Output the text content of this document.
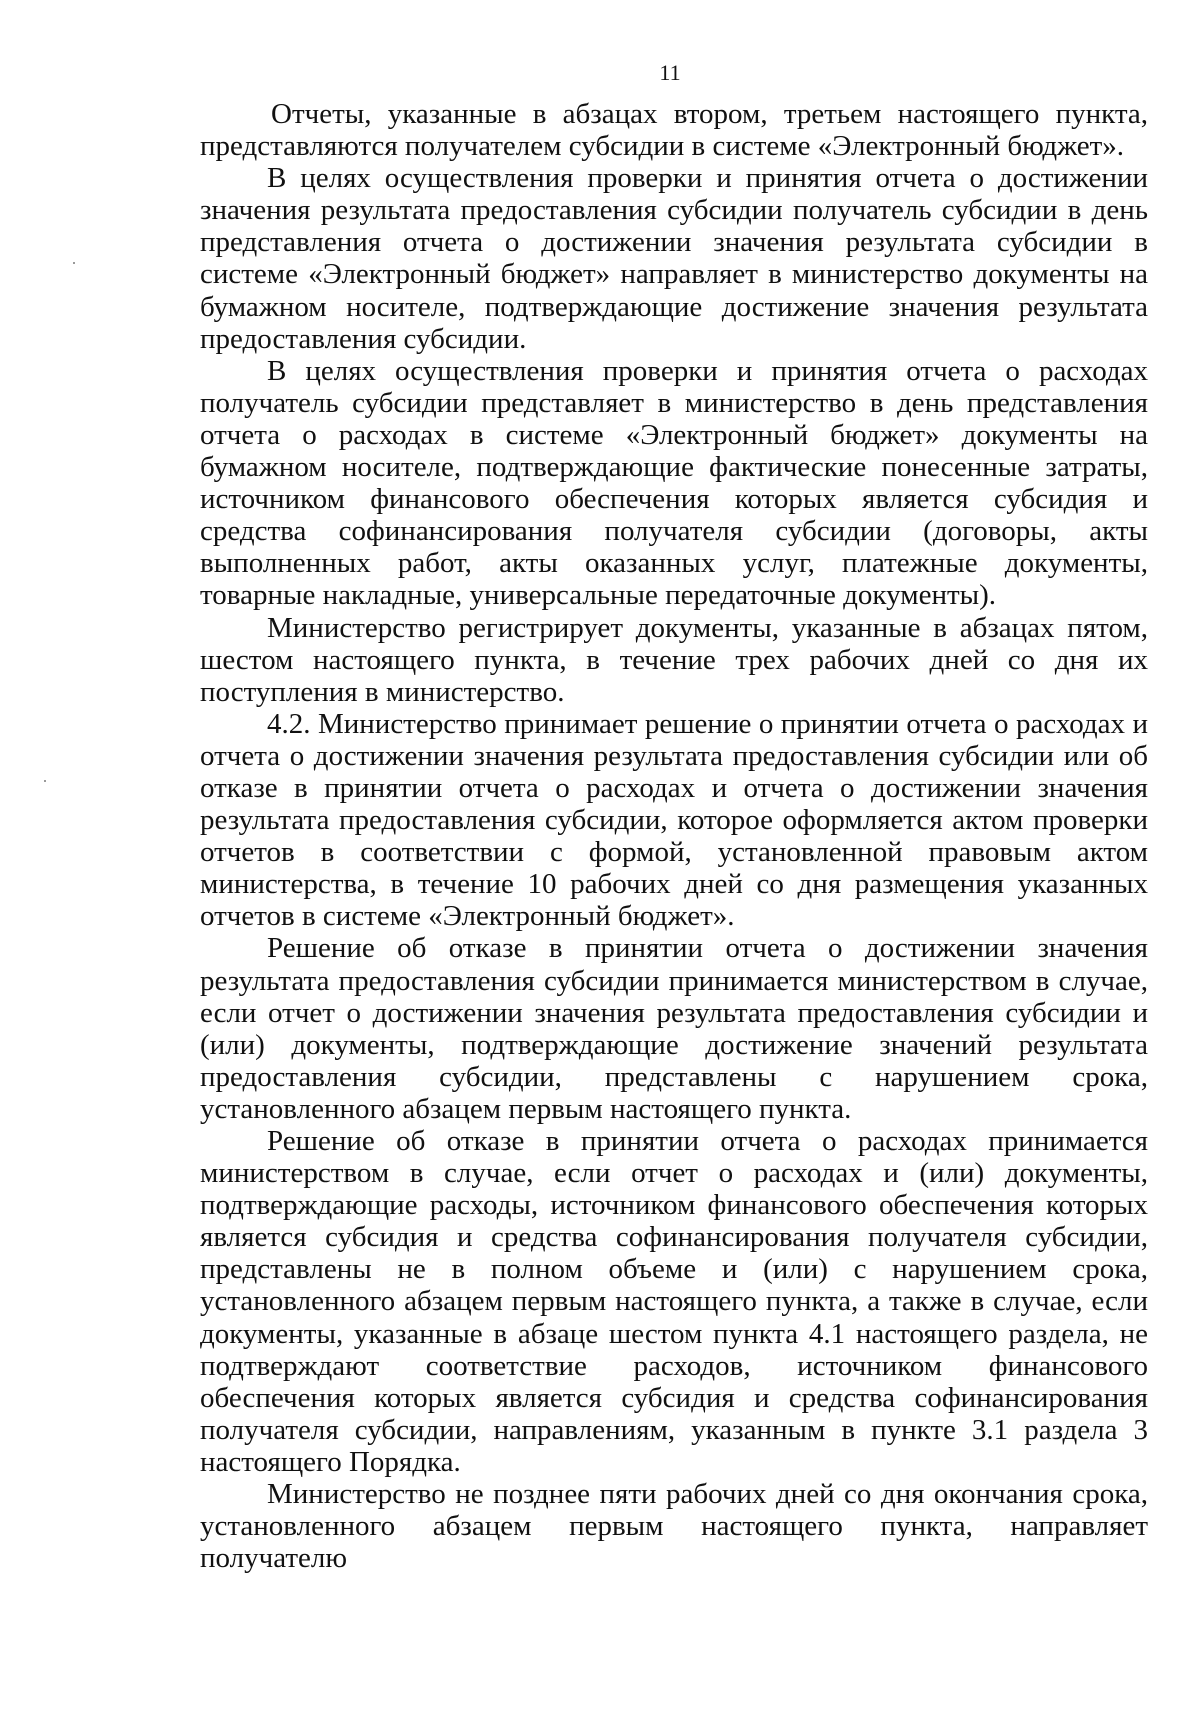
11

Отчеты, указанные в абзацах втором, третьем настоящего пункта, представляются получателем субсидии в системе «Электронный бюджет».

В целях осуществления проверки и принятия отчета о достижении значения результата предоставления субсидии получатель субсидии в день представления отчета о достижении значения результата субсидии в системе «Электронный бюджет» направляет в министерство документы на бумажном носителе, подтверждающие достижение значения результата предоставления субсидии.

В целях осуществления проверки и принятия отчета о расходах получатель субсидии представляет в министерство в день представления отчета о расходах в системе «Электронный бюджет» документы на бумажном носителе, подтверждающие фактические понесенные затраты, источником финансового обеспечения которых является субсидия и средства софинансирования получателя субсидии (договоры, акты выполненных работ, акты оказанных услуг, платежные документы, товарные накладные, универсальные передаточные документы).

Министерство регистрирует документы, указанные в абзацах пятом, шестом настоящего пункта, в течение трех рабочих дней со дня их поступления в министерство.

4.2. Министерство принимает решение о принятии отчета о расходах и отчета о достижении значения результата предоставления субсидии или об отказе в принятии отчета о расходах и отчета о достижении значения результата предоставления субсидии, которое оформляется актом проверки отчетов в соответствии с формой, установленной правовым актом министерства, в течение 10 рабочих дней со дня размещения указанных отчетов в системе «Электронный бюджет».

Решение об отказе в принятии отчета о достижении значения результата предоставления субсидии принимается министерством в случае, если отчет о достижении значения результата предоставления субсидии и (или) документы, подтверждающие достижение значений результата предоставления субсидии, представлены с нарушением срока, установленного абзацем первым настоящего пункта.

Решение об отказе в принятии отчета о расходах принимается министерством в случае, если отчет о расходах и (или) документы, подтверждающие расходы, источником финансового обеспечения которых является субсидия и средства софинансирования получателя субсидии, представлены не в полном объеме и (или) с нарушением срока, установленного абзацем первым настоящего пункта, а также в случае, если документы, указанные в абзаце шестом пункта 4.1 настоящего раздела, не подтверждают соответствие расходов, источником финансового обеспечения которых является субсидия и средства софинансирования получателя субсидии, направлениям, указанным в пункте 3.1 раздела 3 настоящего Порядка.

Министерство не позднее пяти рабочих дней со дня окончания срока, установленного абзацем первым настоящего пункта, направляет получателю
